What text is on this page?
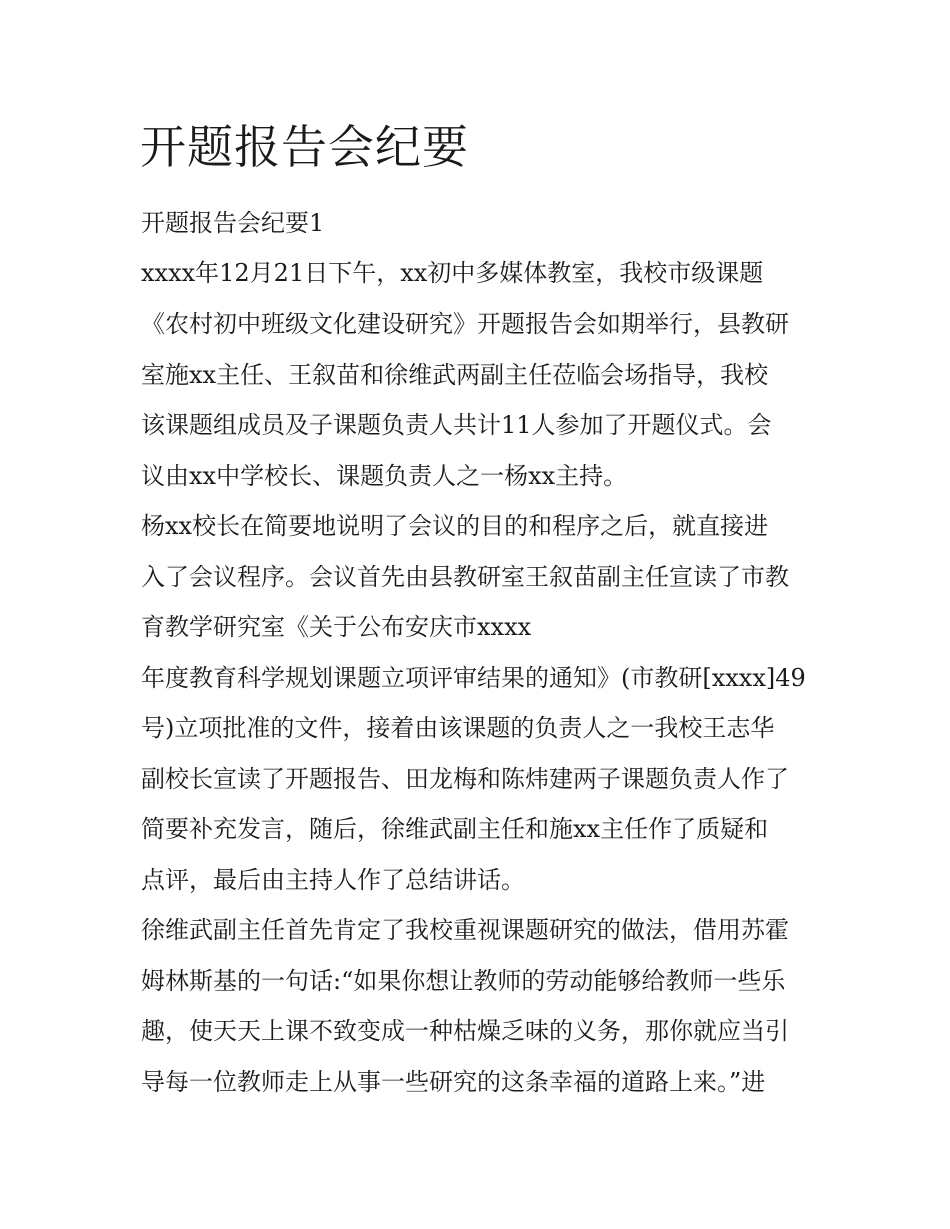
开题报告会纪要

开题报告会纪要1

xxxx年12月21日下午，xx初中多媒体教室，我校市级课题

《农村初中班级文化建设研究》开题报告会如期举行，县教研

室施xx主任、王叙苗和徐维武两副主任莅临会场指导，我校

该课题组成员及子课题负责人共计11人参加了开题仪式。会

议由xx中学校长、课题负责人之一杨xx主持。

杨xx校长在简要地说明了会议的目的和程序之后，就直接进

入了会议程序。会议首先由县教研室王叙苗副主任宣读了市教

育教学研究室《关于公布安庆市xxxx

年度教育科学规划课题立项评审结果的通知》(市教研[xxxx]49

号)立项批准的文件，接着由该课题的负责人之一我校王志华

副校长宣读了开题报告、田龙梅和陈炜建两子课题负责人作了

简要补充发言，随后，徐维武副主任和施xx主任作了质疑和

点评，最后由主持人作了总结讲话。

徐维武副主任首先肯定了我校重视课题研究的做法，借用苏霍

姆林斯基的一句话:“如果你想让教师的劳动能够给教师一些乐

趣，使天天上课不致变成一种枯燥乏味的义务，那你就应当引

导每一位教师走上从事一些研究的这条幸福的道路上来。”进
